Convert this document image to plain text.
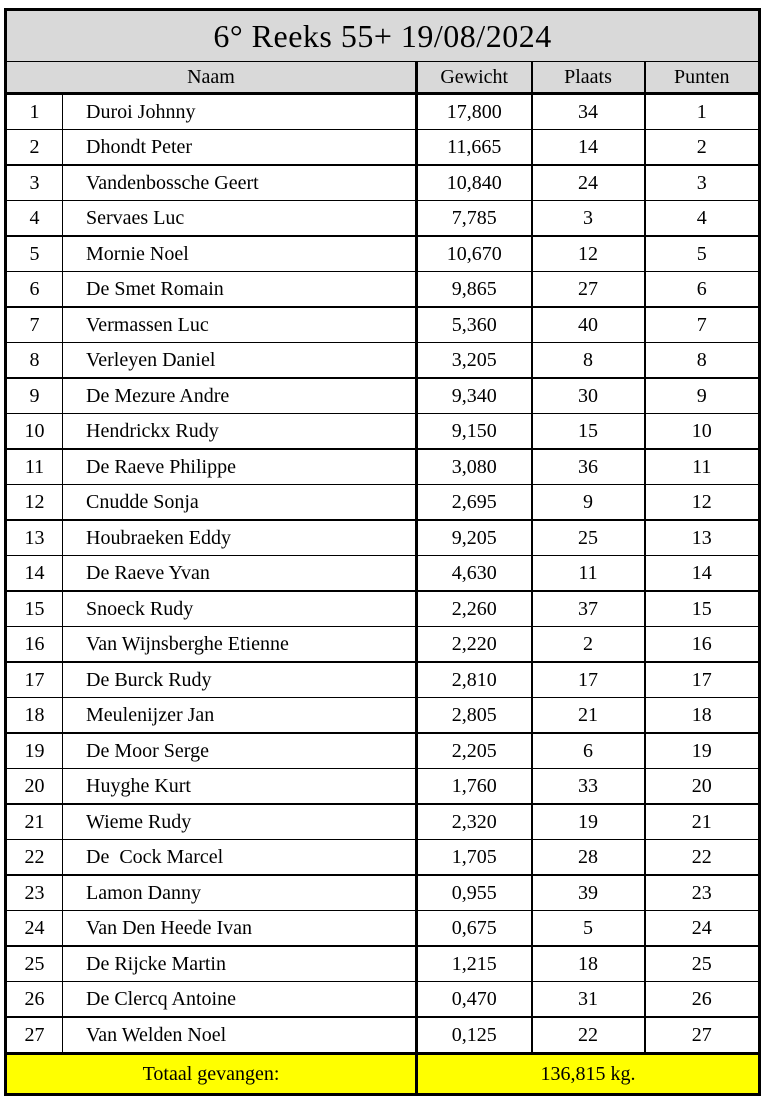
6° Reeks 55+ 19/08/2024				
Naam		Gewicht	Plaats	Punten
1	Duroi Johnny	17,800	34	1
2	Dhondt Peter	11,665	14	2
3	Vandenbossche Geert	10,840	24	3
4	Servaes Luc	7,785	3	4
5	Mornie Noel	10,670	12	5
6	De Smet Romain	9,865	27	6
7	Vermassen Luc	5,360	40	7
8	Verleyen Daniel	3,205	8	8
9	De Mezure Andre	9,340	30	9
10	Hendrickx Rudy	9,150	15	10
11	De Raeve Philippe	3,080	36	11
12	Cnudde Sonja	2,695	9	12
13	Houbraeken Eddy	9,205	25	13
14	De Raeve Yvan	4,630	11	14
15	Snoeck Rudy	2,260	37	15
16	Van Wijnsberghe Etienne	2,220	2	16
17	De Burck Rudy	2,810	17	17
18	Meulenijzer Jan	2,805	21	18
19	De Moor Serge	2,205	6	19
20	Huyghe Kurt	1,760	33	20
21	Wieme Rudy	2,320	19	21
22	De  Cock Marcel	1,705	28	22
23	Lamon Danny	0,955	39	23
24	Van Den Heede Ivan	0,675	5	24
25	De Rijcke Martin	1,215	18	25
26	De Clercq Antoine	0,470	31	26
27	Van Welden Noel	0,125	22	27
Totaal gevangen:		136,815 kg.		
